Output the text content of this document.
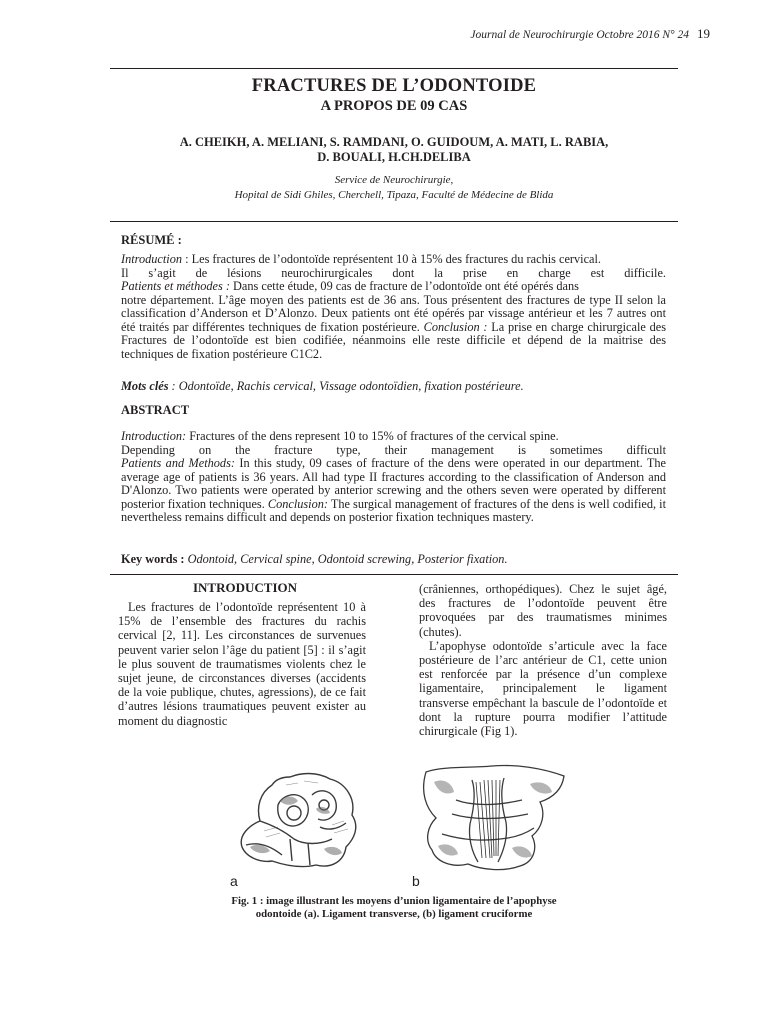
Journal de Neurochirurgie Octobre 2016 N° 24 19
FRACTURES DE L’ODONTOIDE
A PROPOS DE 09 CAS
A. CHEIKH, A. MELIANI, S. RAMDANI, O. GUIDOUM, A. MATI, L. RABIA,
D. BOUALI, H.CH.DELIBA
Service de Neurochirurgie,
Hopital de Sidi Ghiles, Cherchell, Tipaza, Faculté de Médecine de Blida
RÉSUMÉ :
Introduction : Les fractures de l’odontoïde représentent 10 à 15% des fractures du rachis cervical.
Il s’agit de lésions neurochirurgicales dont la prise en charge est difficile.
Patients et méthodes : Dans cette étude, 09 cas de fracture de l’odontoïde ont été opérés dans
notre département. L’âge moyen des patients est de 36 ans. Tous présentent des fractures de type II selon la classification d’Anderson et D’Alonzo. Deux patients ont été opérés par vissage antérieur et les 7 autres ont été traités par différentes techniques de fixation postérieure. Conclusion : La prise en charge chirurgicale des Fractures de l’odontoïde est bien codifiée, néanmoins elle reste difficile et dépend de la maitrise des techniques de fixation postérieure C1C2.
Mots clés : Odontoïde, Rachis cervical, Vissage odontoïdien, fixation postérieure.
ABSTRACT
Introduction: Fractures of the dens represent 10 to 15% of fractures of the cervical spine.
Depending on the fracture type, their management is sometimes difficult
Patients and Methods: In this study, 09 cases of fracture of the dens were operated in our department. The average age of patients is 36 years. All had type II fractures according to the classification of Anderson and D'Alonzo. Two patients were operated by anterior screwing and the others seven were operated by different posterior fixation techniques. Conclusion: The surgical management of fractures of the dens is well codified, it nevertheless remains difficult and depends on posterior fixation techniques mastery.
Key words : Odontoid, Cervical spine, Odontoid screwing, Posterior fixation.
INTRODUCTION

Les fractures de l’odontoïde représentent 10 à 15% de l’ensemble des fractures du rachis cervical [2, 11]. Les circonstances de survenues peuvent varier selon l’âge du patient [5] : il s’agit le plus souvent de traumatismes violents chez le sujet jeune, de circonstances diverses (accidents de la voie publique, chutes, agressions), de ce fait d’autres lésions traumatiques peuvent exister au moment du diagnostic

(crâniennes, orthopédiques). Chez le sujet âgé, des fractures de l’odontoïde peuvent être provoquées par des traumatismes minimes (chutes).

L’apophyse odontoïde s’articule avec la face postérieure de l’arc antérieur de C1, cette union est renforcée par la présence d’un complexe ligamentaire, principalement le ligament transverse empêchant la bascule de l’odontoïde et dont la rupture pourra modifier l’attitude chirurgicale (Fig 1).

a	b
Fig. 1 : image illustrant les moyens d’union ligamentaire de l’apophyse
odontoide (a). Ligament transverse, (b) ligament cruciforme
